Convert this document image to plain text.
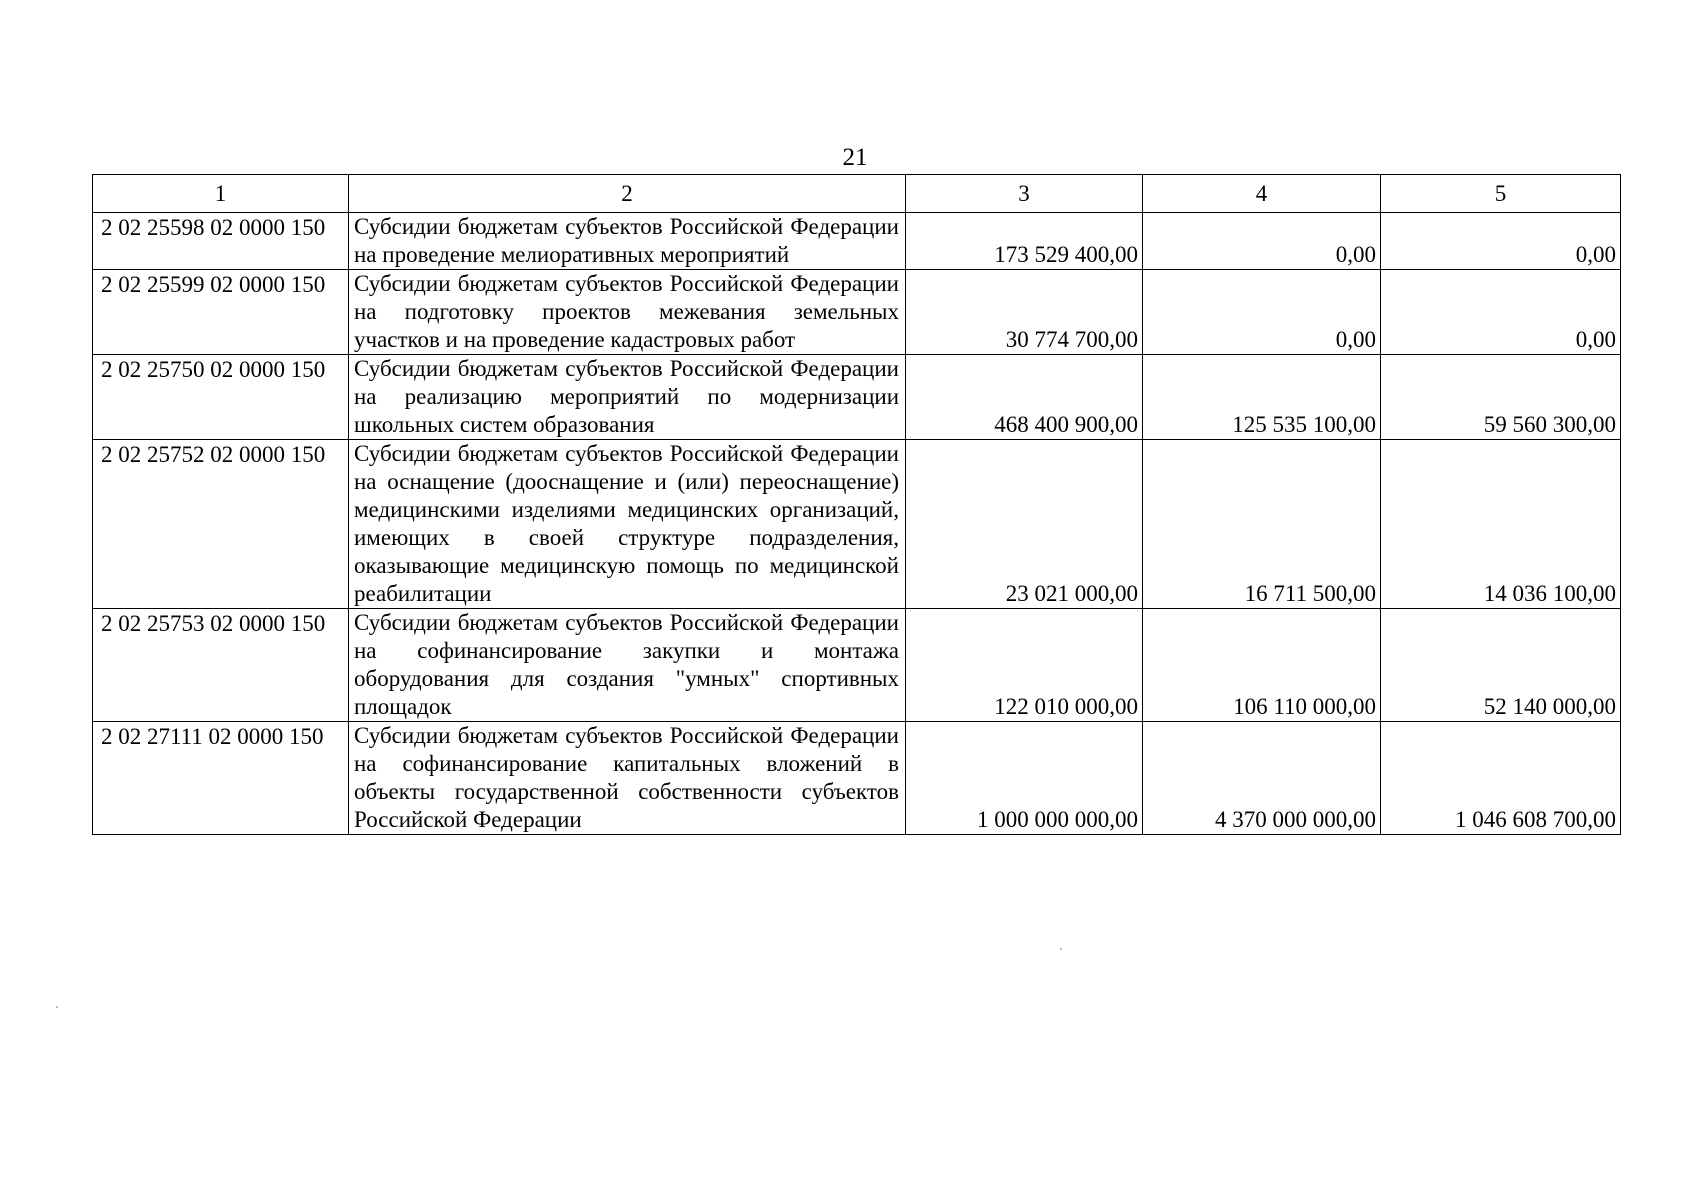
21
1	2	3	4	5
2 02 25598 02 0000 150	Субсидии бюджетам субъектов Российской Федерации на проведение мелиоративных мероприятий	173 529 400,00	0,00	0,00
2 02 25599 02 0000 150	Субсидии бюджетам субъектов Российской Федерации на подготовку проектов межевания земельных участков и на проведение кадастровых работ	30 774 700,00	0,00	0,00
2 02 25750 02 0000 150	Субсидии бюджетам субъектов Российской Федерации на реализацию мероприятий по модернизации школьных систем образования	468 400 900,00	125 535 100,00	59 560 300,00
2 02 25752 02 0000 150	Субсидии бюджетам субъектов Российской Федерации на оснащение (дооснащение и (или) переоснащение) медицинскими изделиями медицинских организаций, имеющих в своей структуре подразделения, оказывающие медицинскую помощь по медицинской реабилитации	23 021 000,00	16 711 500,00	14 036 100,00
2 02 25753 02 0000 150	Субсидии бюджетам субъектов Российской Федерации на софинансирование закупки и монтажа оборудования для создания "умных" спортивных площадок	122 010 000,00	106 110 000,00	52 140 000,00
2 02 27111 02 0000 150	Субсидии бюджетам субъектов Российской Федерации на софинансирование капитальных вложений в объекты государственной собственности субъектов Российской Федерации	1 000 000 000,00	4 370 000 000,00	1 046 608 700,00
